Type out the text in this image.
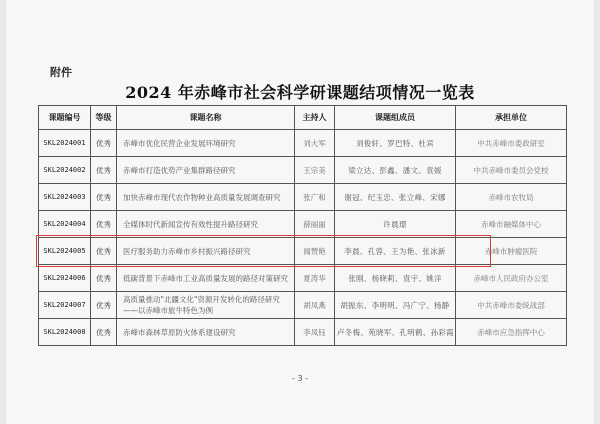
附件
2024 年赤峰市社会科学研课题结项情况一览表
课题编号	等级	课题名称	主持人	课题组成员	承担单位
SKL2024001	优秀	赤峰市优化民营企业发展环境研究	刘大军	刘俊轩、罗巴特、杜宾	中共赤峰市委政研室
SKL2024002	优秀	赤峰市打造优势产业集群路径研究	王宗美	梁立达、彭鑫、潘文、袁媛	中共赤峰市委员会党校
SKL2024003	优秀	加快赤峰市现代农作物种业高质量发展调查研究	张广和	谢冠、纪玉忠、张立峰、宋娜	赤峰市农牧局
SKL2024004	优秀	全媒体时代新闻宣传有效性提升路径研究	薛丽丽	许晨璟	赤峰市融媒体中心
SKL2024005	优秀	医疗服务助力赤峰市乡村振兴路径研究	闻赞艳	李晨、孔蓉、王为艳、张冰新	赤峰市肿瘤医院
SKL2024006	优秀	低碳背景下赤峰市工业高质量发展的路径对策研究	夏涛华	张刚、杨晓莉、袁宇、姚洋	赤峰市人民政府办公室
SKL2024007	优秀	高质量推动"北疆文化"资源开发转化的路径研究——以赤峰市旅牛特色为例	胡凤燕	胡振东、李明明、冯广宁、杨静	中共赤峰市委统战部
SKL2024008	优秀	赤峰市森林草原防火体系建设研究	李凤钰	卢冬梅、苑晓军、孔明鹤、孙彩霞	赤峰市应急指挥中心
- 3 -
